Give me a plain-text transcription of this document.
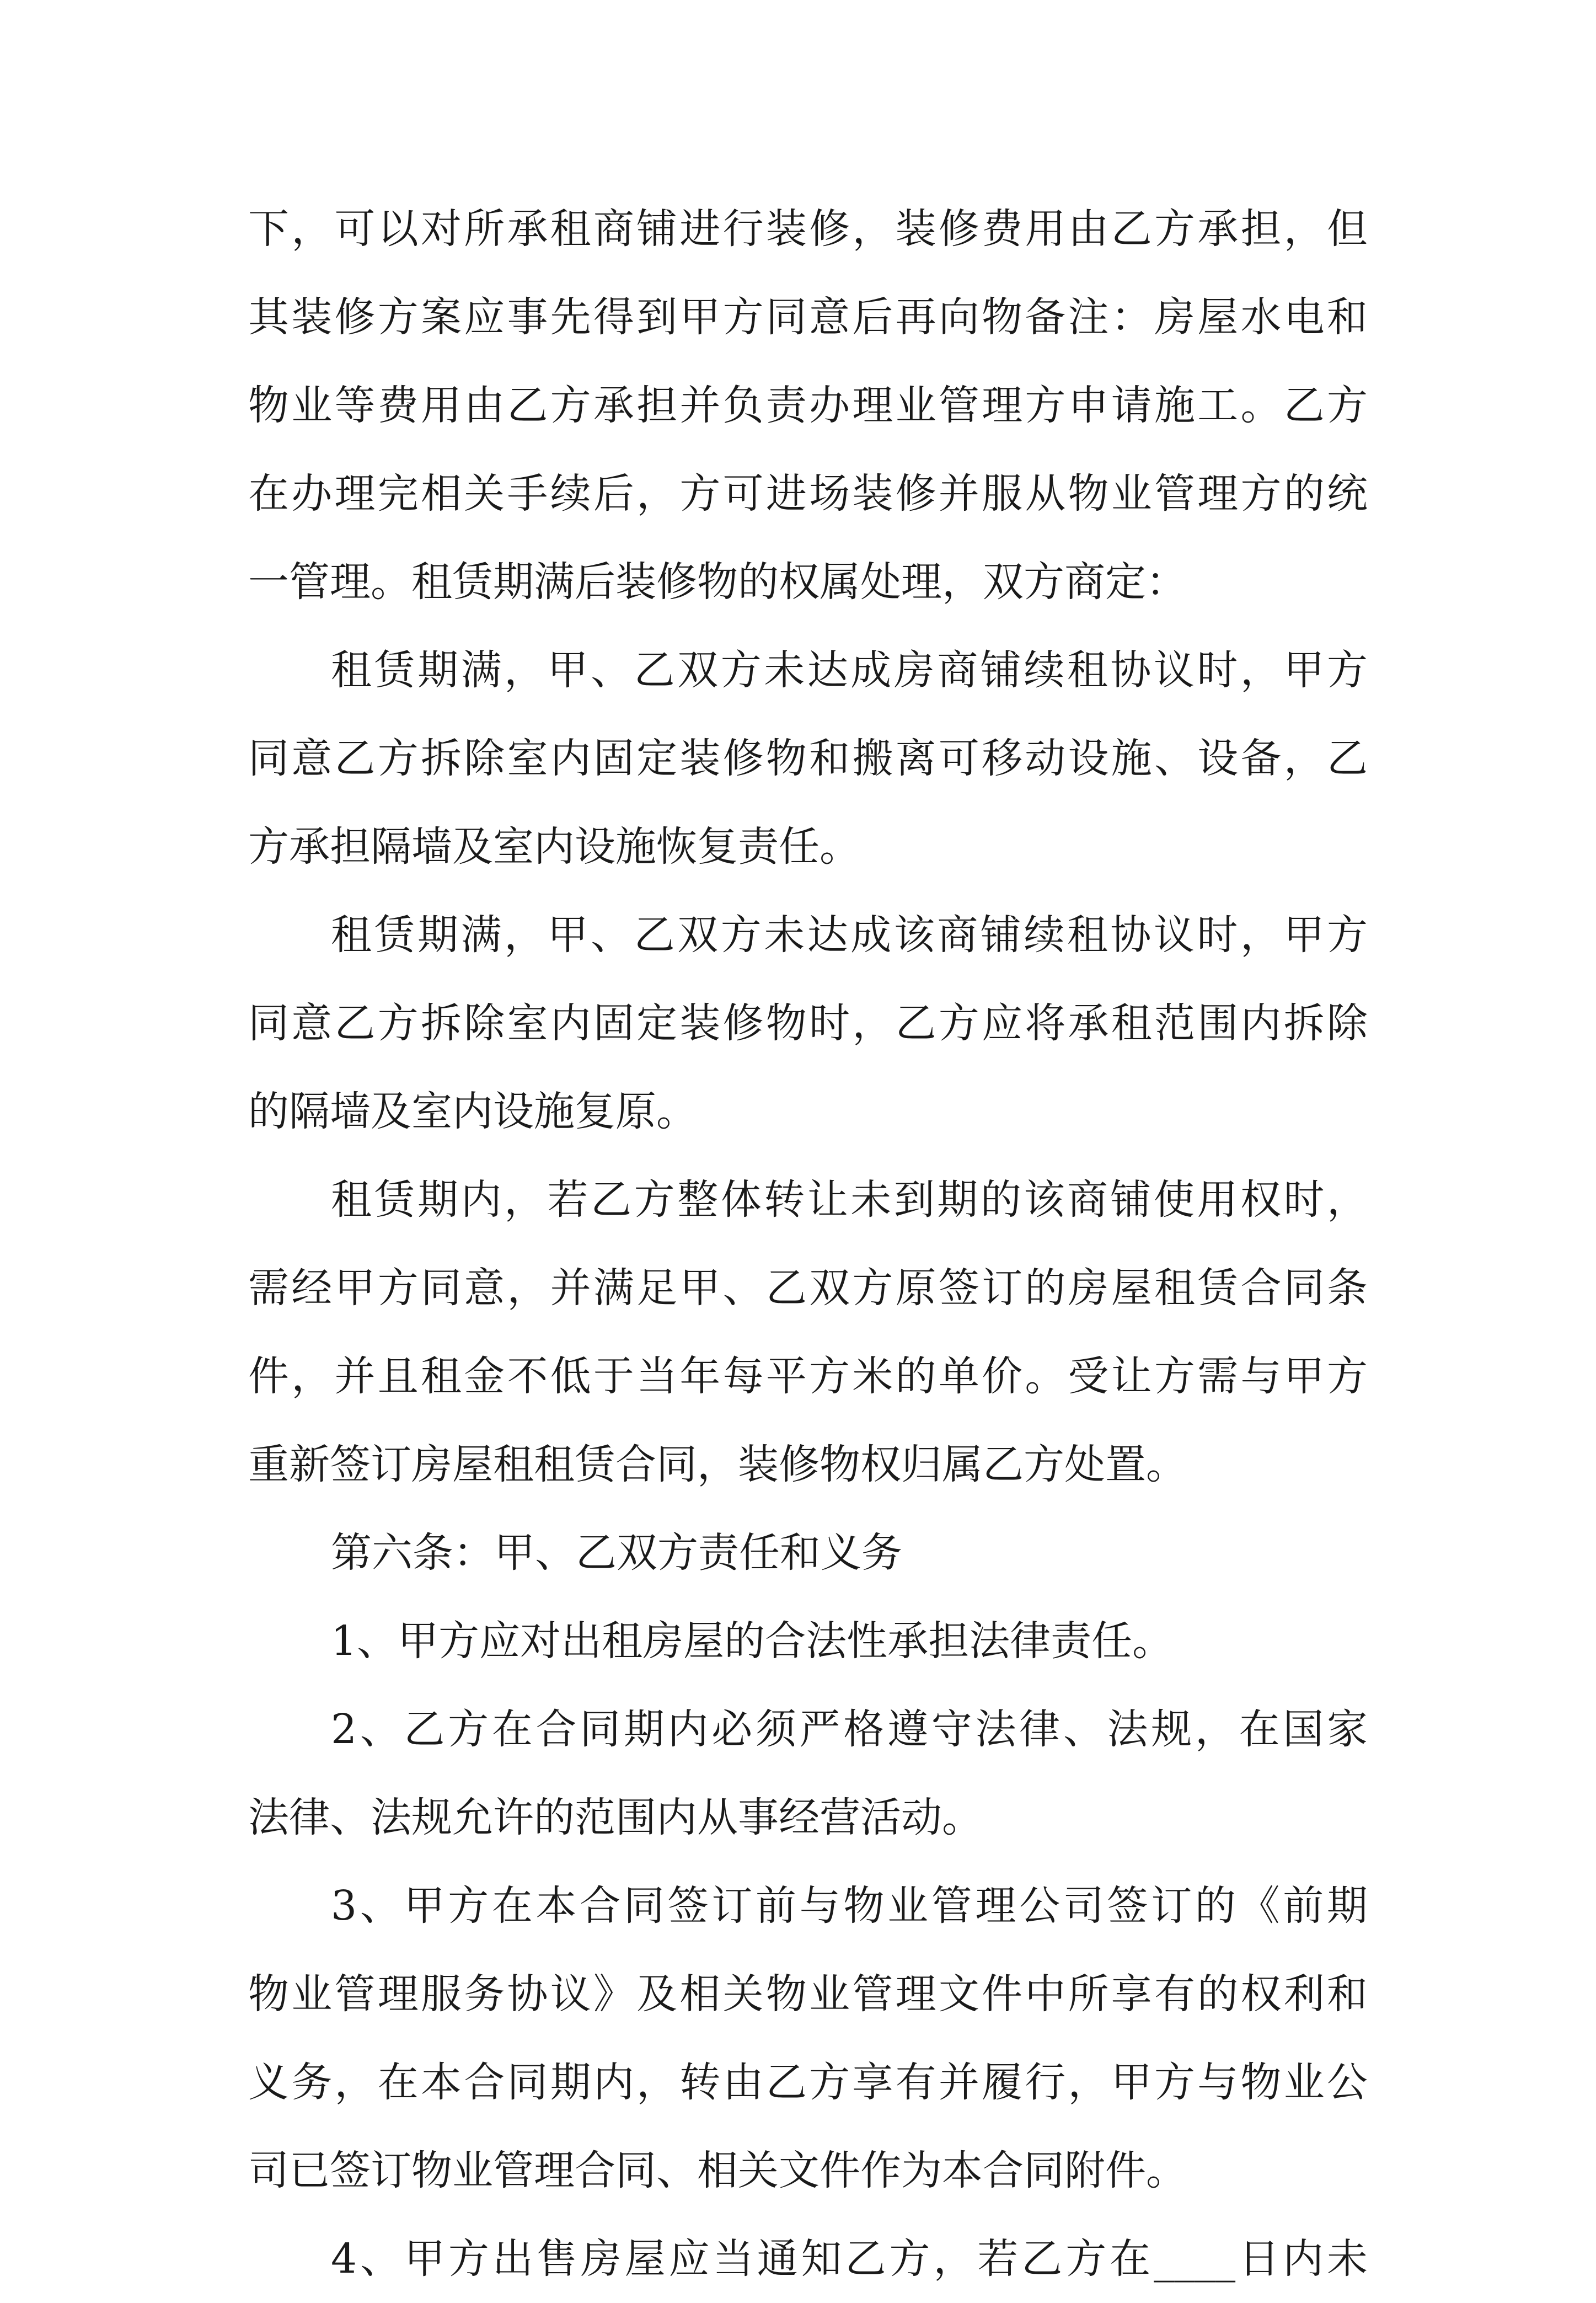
下，可以对所承租商铺进行装修，装修费用由乙方承担，但
其装修方案应事先得到甲方同意后再向物备注：房屋水电和
物业等费用由乙方承担并负责办理业管理方申请施工。乙方
在办理完相关手续后，方可进场装修并服从物业管理方的统
一管理。租赁期满后装修物的权属处理，双方商定：
租赁期满，甲、乙双方未达成房商铺续租协议时，甲方
同意乙方拆除室内固定装修物和搬离可移动设施、设备，乙
方承担隔墙及室内设施恢复责任。
租赁期满，甲、乙双方未达成该商铺续租协议时，甲方
同意乙方拆除室内固定装修物时，乙方应将承租范围内拆除
的隔墙及室内设施复原。
租赁期内，若乙方整体转让未到期的该商铺使用权时，
需经甲方同意，并满足甲、乙双方原签订的房屋租赁合同条
件，并且租金不低于当年每平方米的单价。受让方需与甲方
重新签订房屋租租赁合同，装修物权归属乙方处置。
第六条：甲、乙双方责任和义务
1、甲方应对出租房屋的合法性承担法律责任。
2、乙方在合同期内必须严格遵守法律、法规，在国家
法律、法规允许的范围内从事经营活动。
3、甲方在本合同签订前与物业管理公司签订的《前期
物业管理服务协议》及相关物业管理文件中所享有的权利和
义务，在本合同期内，转由乙方享有并履行，甲方与物业公
司已签订物业管理合同、相关文件作为本合同附件。
4、甲方出售房屋应当通知乙方，若乙方在____日内未
